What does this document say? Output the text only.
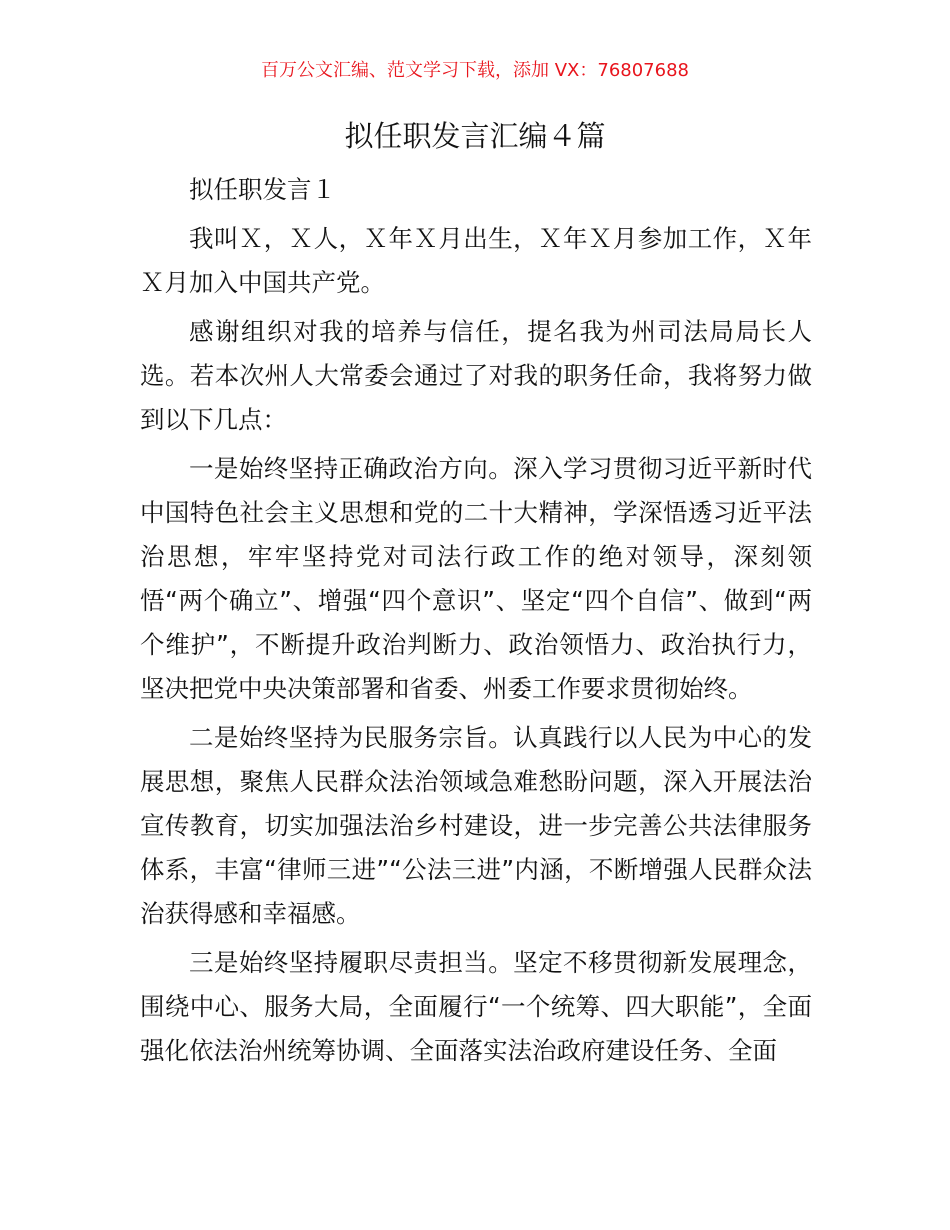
百万公文汇编、范文学习下载，添加 VX：76807688
拟任职发言汇编４篇

拟任职发言１

我叫Ｘ，Ｘ人，Ｘ年Ｘ月出生，Ｘ年Ｘ月参加工作，Ｘ年Ｘ月加入中国共产党。

感谢组织对我的培养与信任，提名我为州司法局局长人选。若本次州人大常委会通过了对我的职务任命，我将努力做到以下几点：

一是始终坚持正确政治方向。深入学习贯彻习近平新时代中国特色社会主义思想和党的二十大精神，学深悟透习近平法治思想，牢牢坚持党对司法行政工作的绝对领导，深刻领悟“两个确立”、增强“四个意识”、坚定“四个自信”、做到“两个维护”，不断提升政治判断力、政治领悟力、政治执行力，坚决把党中央决策部署和省委、州委工作要求贯彻始终。

二是始终坚持为民服务宗旨。认真践行以人民为中心的发展思想，聚焦人民群众法治领域急难愁盼问题，深入开展法治宣传教育，切实加强法治乡村建设，进一步完善公共法律服务体系，丰富“律师三进”“公法三进”内涵，不断增强人民群众法治获得感和幸福感。

三是始终坚持履职尽责担当。坚定不移贯彻新发展理念，围绕中心、服务大局，全面履行“一个统筹、四大职能”，全面强化依法治州统筹协调、全面落实法治政府建设任务、全面
